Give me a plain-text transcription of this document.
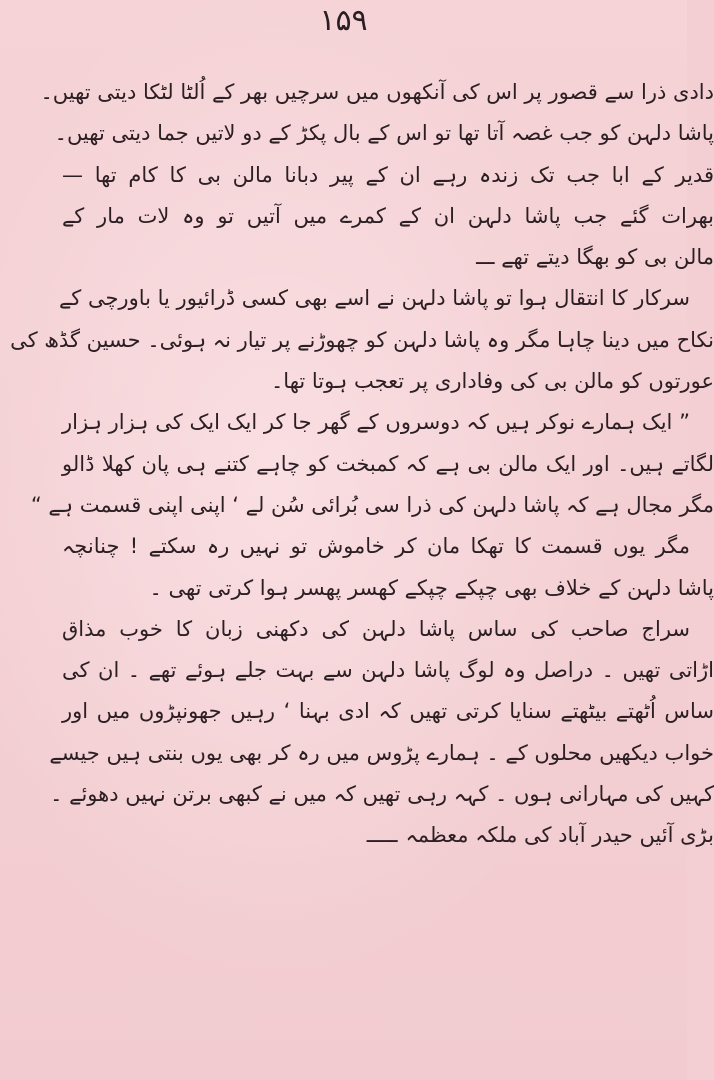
۱۵۹
دادی ذرا سے قصور پر اس کی آنکھوں میں سرچیں بھر کے اُلٹا لٹکا دیتی تھیں۔
پاشا دلہن کو جب غصہ آتا تھا تو اس کے بال پکڑ کے دو لاتیں جما دیتی تھیں۔
قدیر کے ابا جب تک زندہ رہے ان کے پیر دبانا مالن بی کا کام تھا —
بھرات گئے جب پاشا دلہن ان کے کمرے میں آتیں تو وہ لات مار کے
مالن بی کو بھگا دیتے تھے ـــ
سرکار کا انتقال ہوا تو پاشا دلہن نے اسے بھی کسی ڈرائیور یا باورچی کے
نکاح میں دینا چاہا مگر وہ پاشا دلہن کو چھوڑنے پر تیار نہ ہوئی۔ حسین گڈھ کی
عورتوں کو مالن بی کی وفاداری پر تعجب ہوتا تھا۔
” ایک ہمارے نوکر ہیں کہ دوسروں کے گھر جا کر ایک ایک کی ہزار ہزار
لگاتے ہیں۔ اور ایک مالن بی ہے کہ کمبخت کو چاہے کتنے ہی پان کھلا ڈالو
مگر مجال ہے کہ پاشا دلہن کی ذرا سی بُرائی سُن لے ‘ اپنی اپنی قسمت ہے “
مگر یوں قسمت کا تھکا مان کر خاموش تو نہیں رہ سکتے ! چنانچہ
پاشا دلہن کے خلاف بھی چپکے چپکے کھسر پھسر ہوا کرتی تھی ۔
سراج صاحب کی ساس پاشا دلہن کی دکھنی زبان کا خوب مذاق
اڑاتی تھیں ۔ دراصل وہ لوگ پاشا دلہن سے بہت جلے ہوئے تھے ۔ ان کی
ساس اُٹھتے بیٹھتے سنایا کرتی تھیں کہ ادی بہنا ‘ رہیں جھونپڑوں میں اور
خواب دیکھیں محلوں کے ۔ ہمارے پڑوس میں رہ کر بھی یوں بنتی ہیں جیسے
کہیں کی مہارانی ہوں ۔ کہہ رہی تھیں کہ میں نے کبھی برتن نہیں دھوئے ۔
بڑی آئیں حیدر آباد کی ملکہ معظمہـــــ
